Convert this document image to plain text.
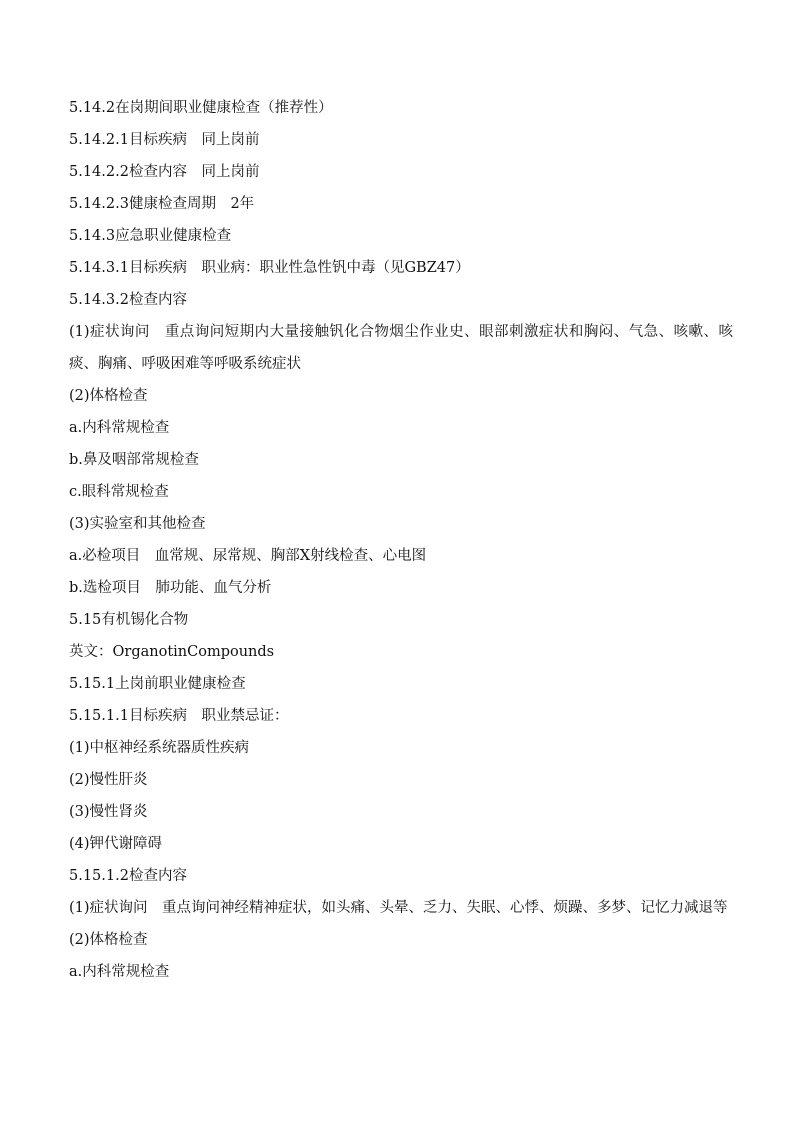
5.14.2在岗期间职业健康检查（推荐性）
5.14.2.1目标疾病　同上岗前
5.14.2.2检查内容　同上岗前
5.14.2.3健康检查周期　2年
5.14.3应急职业健康检查
5.14.3.1目标疾病　职业病：职业性急性钒中毒（见GBZ47）
5.14.3.2检查内容
(1)症状询问　重点询问短期内大量接触钒化合物烟尘作业史、眼部刺激症状和胸闷、气急、咳嗽、咳痰、胸痛、呼吸困难等呼吸系统症状
(2)体格检查
a.内科常规检查
b.鼻及咽部常规检查
c.眼科常规检查
(3)实验室和其他检查
a.必检项目　血常规、尿常规、胸部X射线检查、心电图
b.选检项目　肺功能、血气分析
5.15有机锡化合物
英文：OrganotinCompounds
5.15.1上岗前职业健康检查
5.15.1.1目标疾病　职业禁忌证：
(1)中枢神经系统器质性疾病
(2)慢性肝炎
(3)慢性肾炎
(4)钾代谢障碍
5.15.1.2检查内容
(1)症状询问　重点询问神经精神症状，如头痛、头晕、乏力、失眠、心悸、烦躁、多梦、记忆力减退等
(2)体格检查
a.内科常规检查
